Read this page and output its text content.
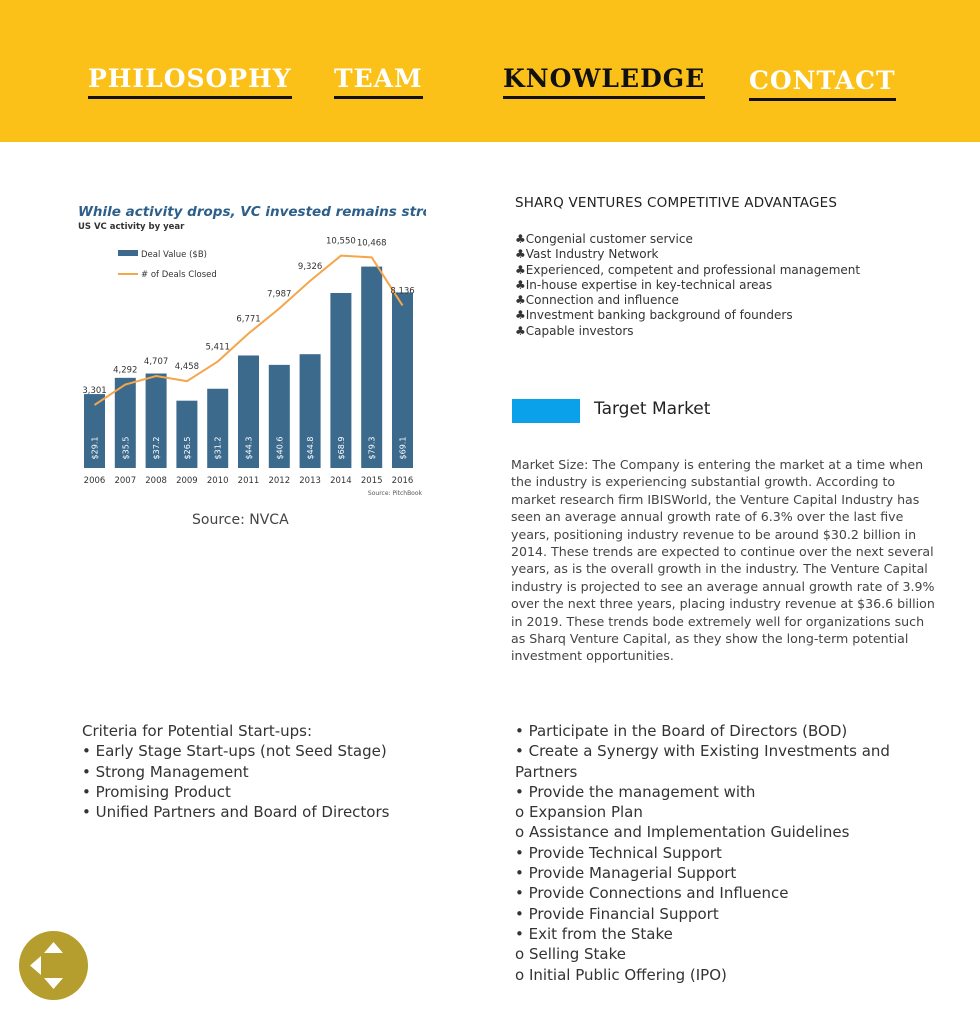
PHILOSOPHY TEAM	KNOWLEDGE CONTACT
While activity drops, VC invested remains strong
US VC activity by year
Deal Value ($B)
# of Deals Closed
Source: PitchBook
$29.1	$35.5	$37.2	$26.5	$31.2	$44.3	$40.6	$44.8	$68.9	$79.3	$69.1
2006 2007 2008 2009 2010 2011 2012 2013 2014 2015 2016
3,301
4,292
4,707
4,458
5,411
6,771
7,987
9,326
10,550 10,468
8,136
Source: NVCA
SHARQ VENTURES COMPETITIVE ADVANTAGES
♣ Congenial customer service
♣ Vast Industry Network
♣ Experienced, competent and professional management
♣ In-house expertise in key-technical areas
♣ Connection and influence
♣ Investment banking background of founders
♣ Capable investors
Target Market

Market Size: The Company is entering the market at a time when the industry is experiencing substantial growth. According to market research firm IBISWorld, the Venture Capital Industry has seen an average annual growth rate of 6.3% over the last five years, positioning industry revenue to be around $30.2 billion in 2014. These trends are expected to continue over the next several years, as is the overall growth in the industry. The Venture Capital industry is projected to see an average annual growth rate of 3.9% over the next three years, placing industry revenue at $36.6 billion in 2019. These trends bode extremely well for organizations such as Sharq Venture Capital, as they show the long-term potential investment opportunities.

Criteria for Potential Start-ups:
• Early Stage Start-ups (not Seed Stage)
• Strong Management
• Promising Product
• Unified Partners and Board of Directors
• Participate in the Board of Directors (BOD)
• Create a Synergy with Existing Investments and Partners
• Provide the management with
o Expansion Plan
o Assistance and Implementation Guidelines
• Provide Technical Support
• Provide Managerial Support
• Provide Connections and Influence
• Provide Financial Support
• Exit from the Stake
o Selling Stake
o Initial Public Offering (IPO)
